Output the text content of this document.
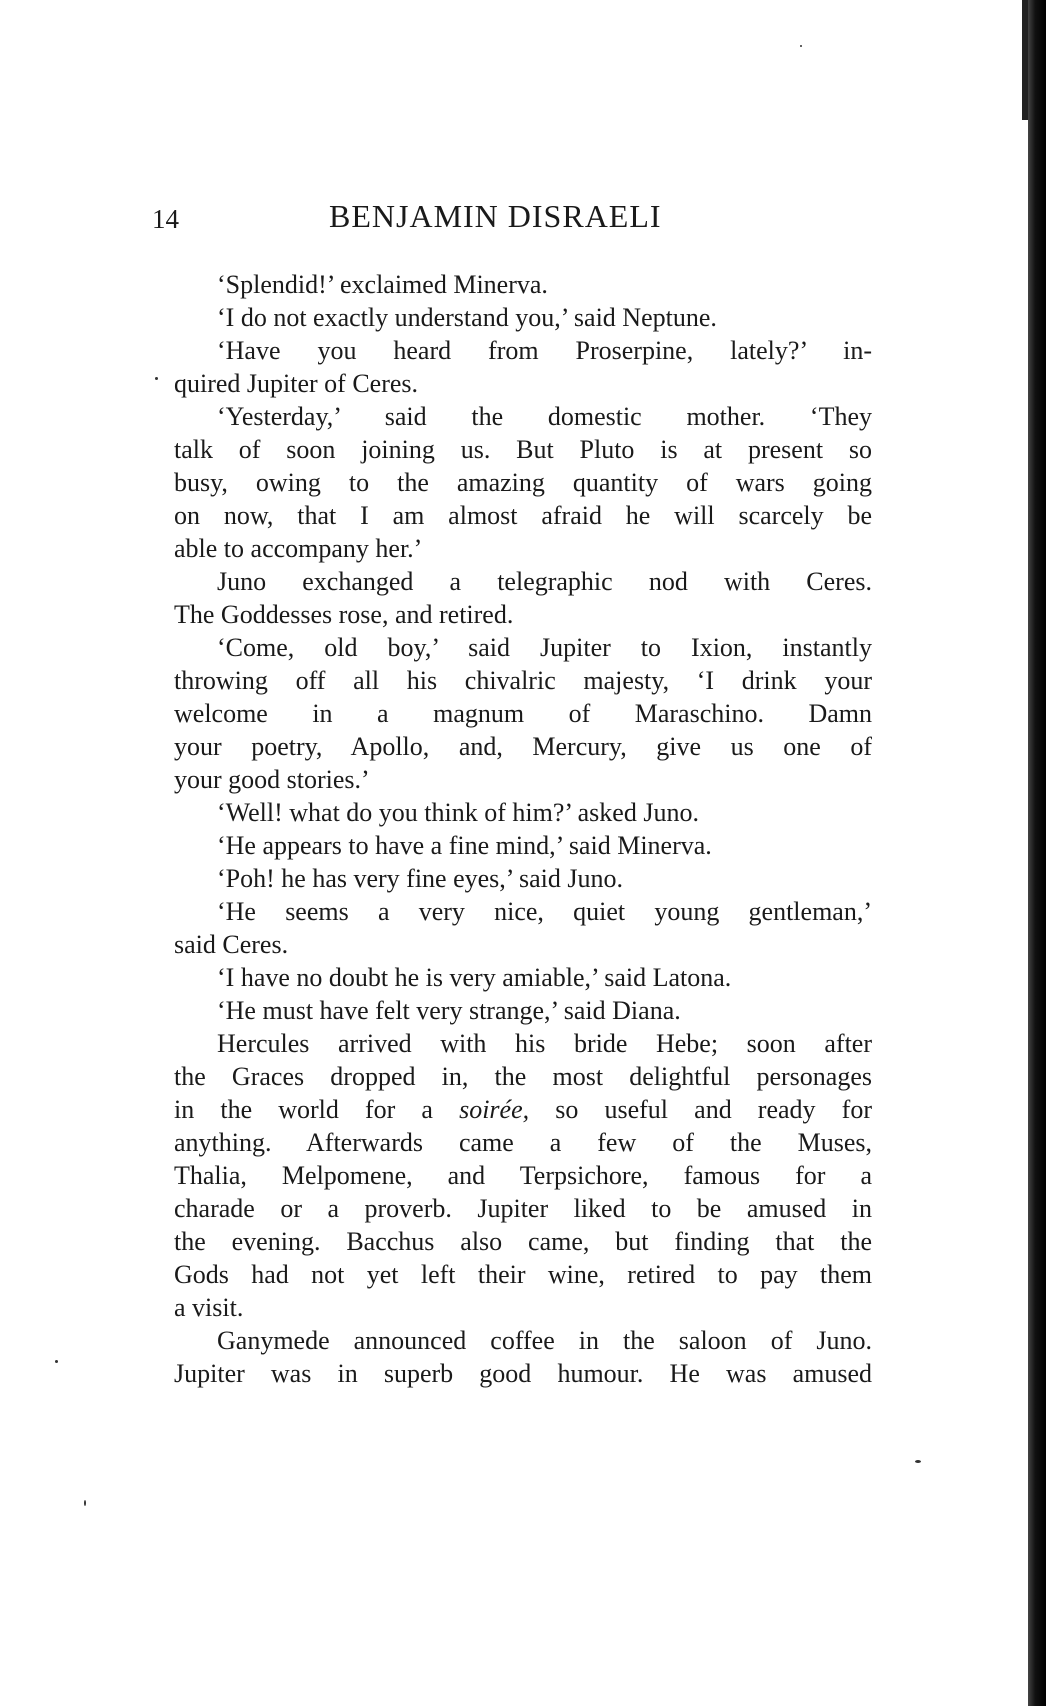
14	BENJAMIN DISRAELI
‘Splendid!’ exclaimed Minerva.
‘I do not exactly understand you,’ said Neptune.
‘Have you heard from Proserpine, lately?’ in-
quired Jupiter of Ceres.
‘Yesterday,’ said the domestic mother. ‘They
talk of soon joining us. But Pluto is at present so
busy, owing to the amazing quantity of wars going
on now, that I am almost afraid he will scarcely be
able to accompany her.’
Juno exchanged a telegraphic nod with Ceres.
The Goddesses rose, and retired.
‘Come, old boy,’ said Jupiter to Ixion, instantly
throwing off all his chivalric majesty, ‘I drink your
welcome in a magnum of Maraschino. Damn
your poetry, Apollo, and, Mercury, give us one of
your good stories.’
‘Well! what do you think of him?’ asked Juno.
‘He appears to have a fine mind,’ said Minerva.
‘Poh! he has very fine eyes,’ said Juno.
‘He seems a very nice, quiet young gentleman,’
said Ceres.
‘I have no doubt he is very amiable,’ said Latona.
‘He must have felt very strange,’ said Diana.
Hercules arrived with his bride Hebe; soon after
the Graces dropped in, the most delightful personages
in the world for a soirée, so useful and ready for
anything. Afterwards came a few of the Muses,
Thalia, Melpomene, and Terpsichore, famous for a
charade or a proverb. Jupiter liked to be amused in
the evening. Bacchus also came, but finding that the
Gods had not yet left their wine, retired to pay them
a visit.
Ganymede announced coffee in the saloon of Juno.
Jupiter was in superb good humour. He was amused
